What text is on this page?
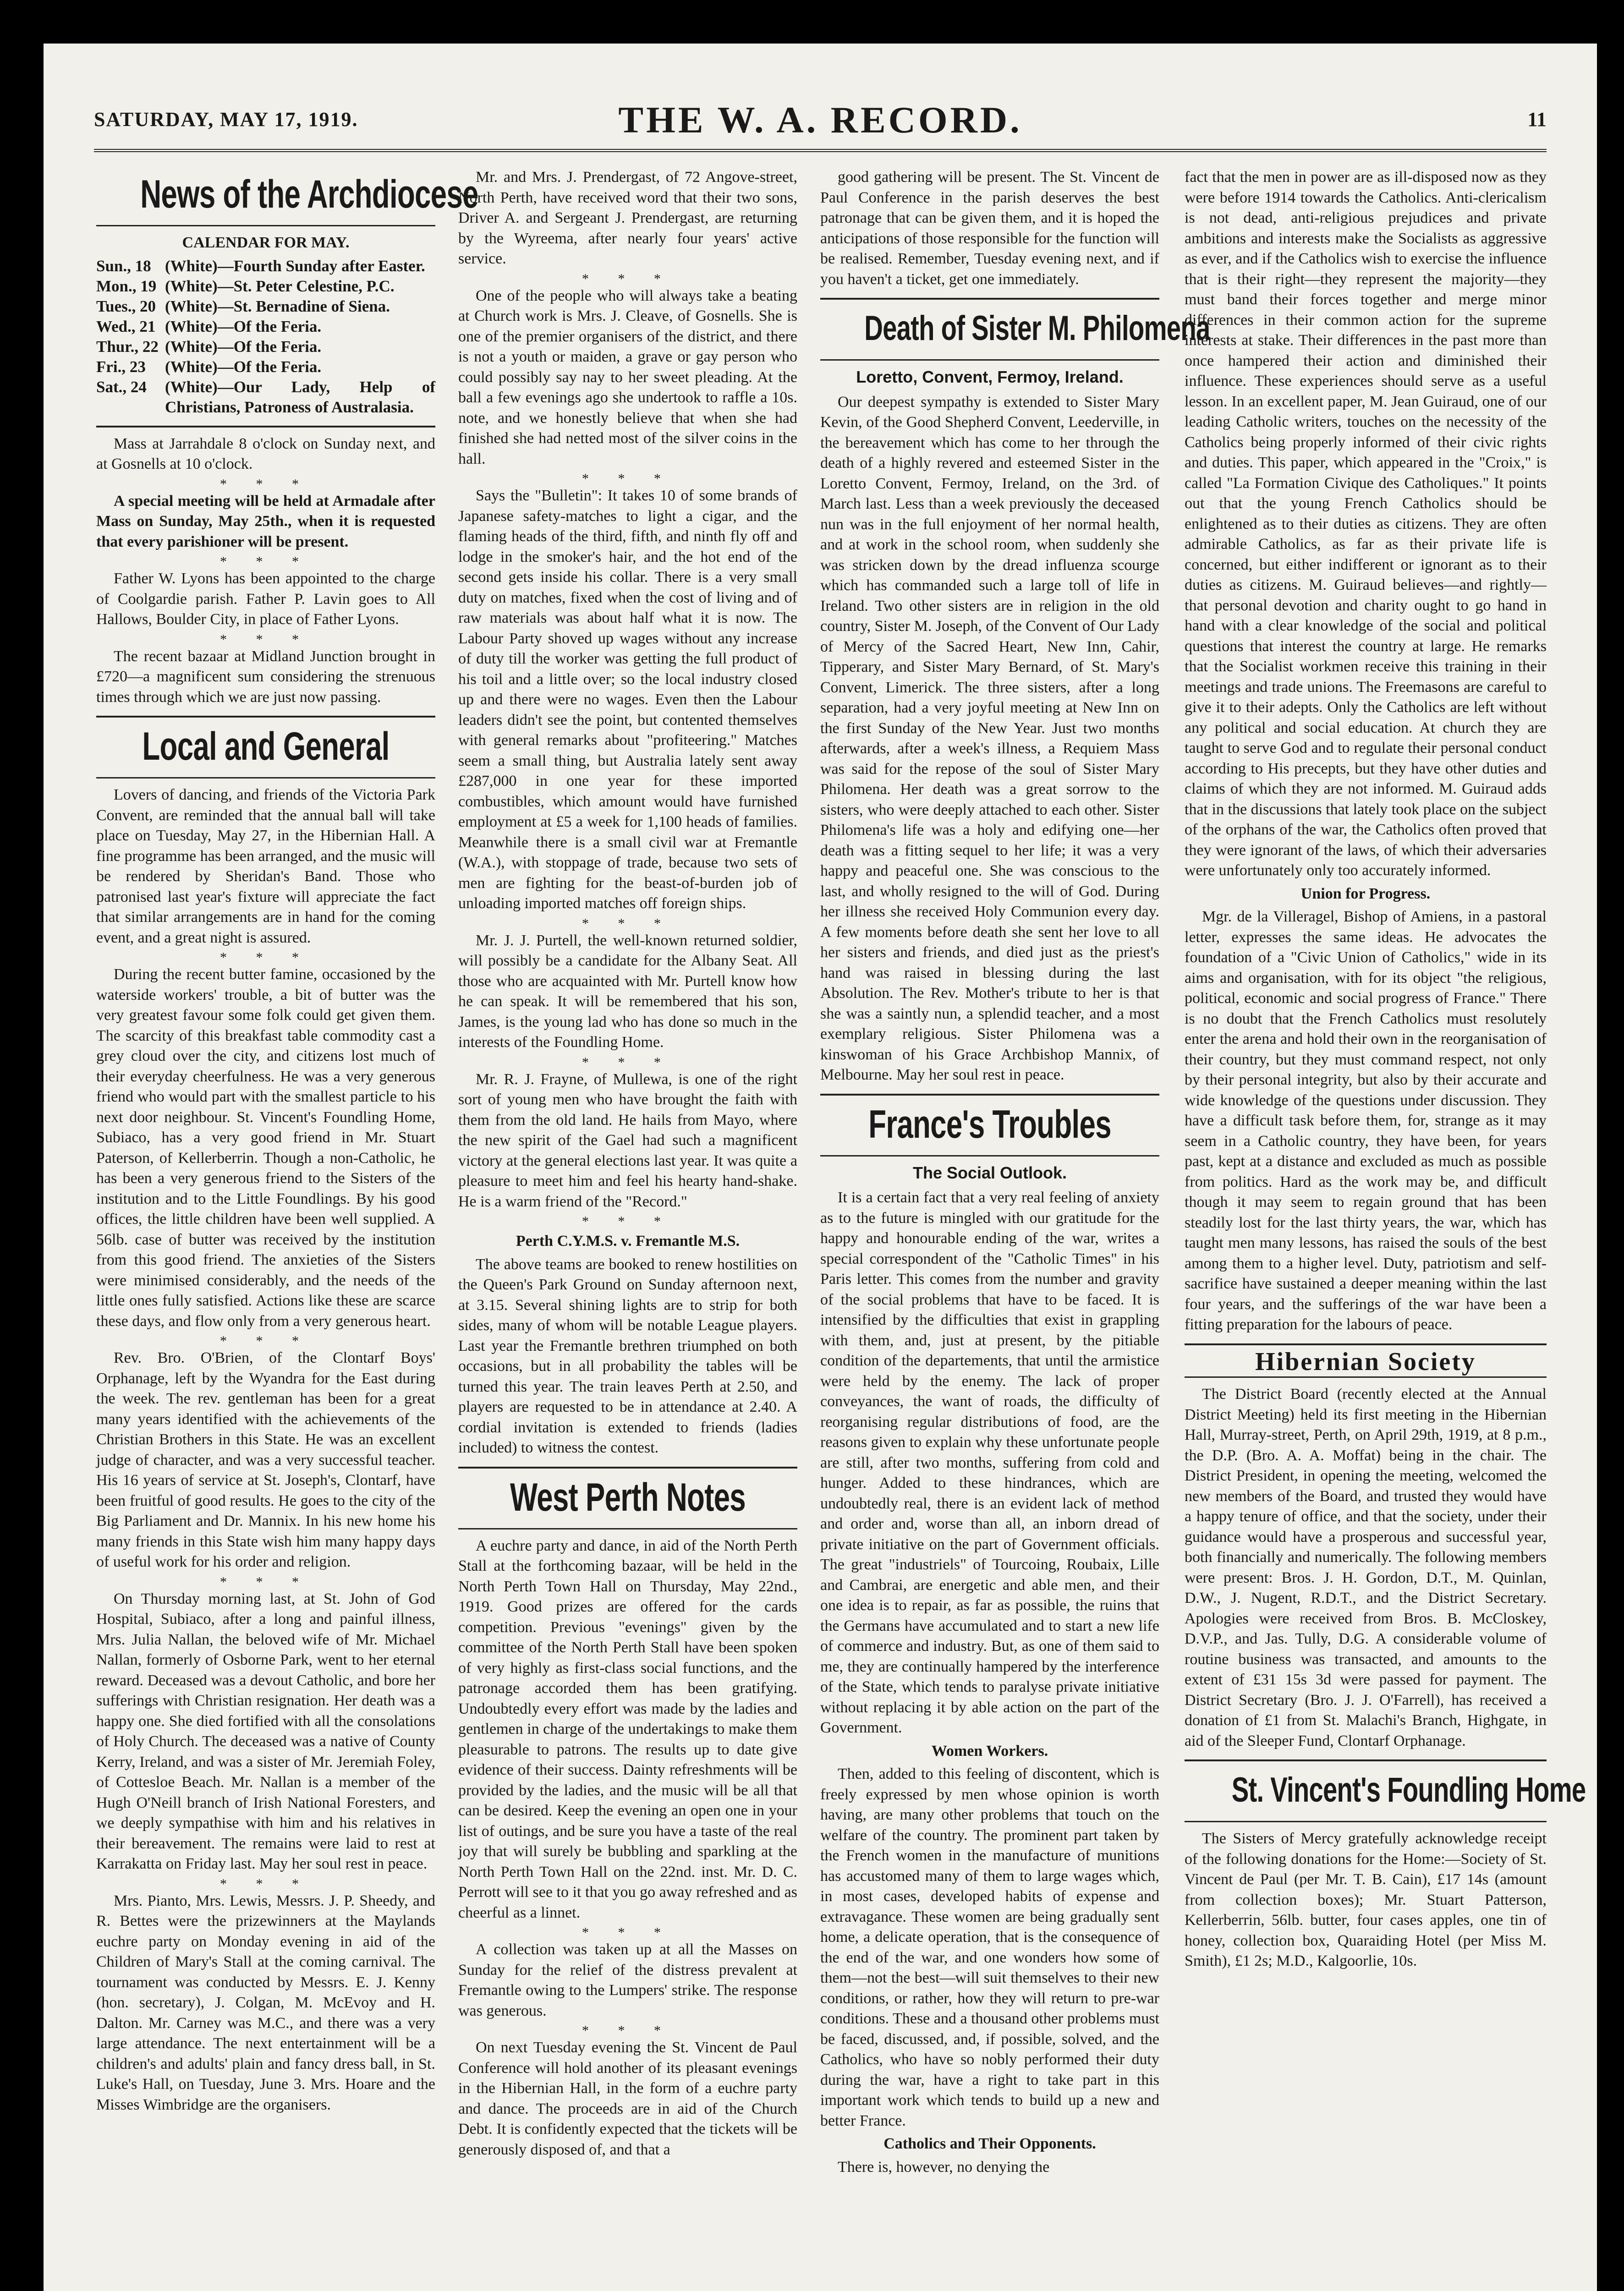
SATURDAY, MAY 17, 1919.	THE W. A. RECORD.	11
News of the Archdiocese
CALENDAR FOR MAY.
Sun., 18 (White)—Fourth Sunday after Easter.
Mon., 19 (White)—St. Peter Celestine, P.C.
Tues., 20 (White)—St. Bernadine of Siena.
Wed., 21 (White)—Of the Feria.
Thur., 22 (White)—Of the Feria.
Fri., 23	(White)—Of the Feria.
Sat., 24	(White)—Our Lady, Help of Christians, Patroness of Australasia.

Mass at Jarrahdale 8 o'clock on Sunday next, and at Gosnells at 10 o'clock.

* * *

A special meeting will be held at Armadale after Mass on Sunday, May 25th., when it is requested that every parishioner will be present.

* * *

Father W. Lyons has been appointed to the charge of Coolgardie parish. Father P. Lavin goes to All Hallows, Boulder City, in place of Father Lyons.

* * *

The recent bazaar at Midland Junction brought in £720—a magnificent sum considering the strenuous times through which we are just now passing.

Local and General

Lovers of dancing, and friends of the Victoria Park Convent, are reminded that the annual ball will take place on Tuesday, May 27, in the Hibernian Hall. A fine programme has been arranged, and the music will be rendered by Sheridan's Band. Those who patronised last year's fixture will appreciate the fact that similar arrangements are in hand for the coming event, and a great night is assured.

* * *

During the recent butter famine, occasioned by the waterside workers' trouble, a bit of butter was the very greatest favour some folk could get given them. The scarcity of this breakfast table commodity cast a grey cloud over the city, and citizens lost much of their everyday cheerfulness. He was a very generous friend who would part with the smallest particle to his next door neighbour. St. Vincent's Foundling Home, Subiaco, has a very good friend in Mr. Stuart Paterson, of Kellerberrin. Though a non-Catholic, he has been a very generous friend to the Sisters of the institution and to the Little Foundlings. By his good offices, the little children have been well supplied. A 56lb. case of butter was received by the institution from this good friend. The anxieties of the Sisters were minimised considerably, and the needs of the little ones fully satisfied. Actions like these are scarce these days, and flow only from a very generous heart.

* * *

Rev. Bro. O'Brien, of the Clontarf Boys' Orphanage, left by the Wyandra for the East during the week. The rev. gentleman has been for a great many years identified with the achievements of the Christian Brothers in this State. He was an excellent judge of character, and was a very successful teacher. His 16 years of service at St. Joseph's, Clontarf, have been fruitful of good results. He goes to the city of the Big Parliament and Dr. Mannix. In his new home his many friends in this State wish him many happy days of useful work for his order and religion.

* * *

On Thursday morning last, at St. John of God Hospital, Subiaco, after a long and painful illness, Mrs. Julia Nallan, the beloved wife of Mr. Michael Nallan, formerly of Osborne Park, went to her eternal reward. Deceased was a devout Catholic, and bore her sufferings with Christian resignation. Her death was a happy one. She died fortified with all the consolations of Holy Church. The deceased was a native of County Kerry, Ireland, and was a sister of Mr. Jeremiah Foley, of Cottesloe Beach. Mr. Nallan is a member of the Hugh O'Neill branch of Irish National Foresters, and we deeply sympathise with him and his relatives in their bereavement. The remains were laid to rest at Karrakatta on Friday last. May her soul rest in peace.

* * *

Mrs. Pianto, Mrs. Lewis, Messrs. J. P. Sheedy, and R. Bettes were the prizewinners at the Maylands euchre party on Monday evening in aid of the Children of Mary's Stall at the coming carnival. The tournament was conducted by Messrs. E. J. Kenny (hon. secretary), J. Colgan, M. McEvoy and H. Dalton. Mr. Carney was M.C., and there was a very large attendance. The next entertainment will be a children's and adults' plain and fancy dress ball, in St. Luke's Hall, on Tuesday, June 3. Mrs. Hoare and the Misses Wimbridge are the organisers.

Mr. and Mrs. J. Prendergast, of 72 Angove-street, North Perth, have received word that their two sons, Driver A. and Sergeant J. Prendergast, are returning by the Wyreema, after nearly four years' active service.

* * *

One of the people who will always take a beating at Church work is Mrs. J. Cleave, of Gosnells. She is one of the premier organisers of the district, and there is not a youth or maiden, a grave or gay person who could possibly say nay to her sweet pleading. At the ball a few evenings ago she undertook to raffle a 10s. note, and we honestly believe that when she had finished she had netted most of the silver coins in the hall.

* * *

Says the "Bulletin": It takes 10 of some brands of Japanese safety-matches to light a cigar, and the flaming heads of the third, fifth, and ninth fly off and lodge in the smoker's hair, and the hot end of the second gets inside his collar. There is a very small duty on matches, fixed when the cost of living and of raw materials was about half what it is now. The Labour Party shoved up wages without any increase of duty till the worker was getting the full product of his toil and a little over; so the local industry closed up and there were no wages. Even then the Labour leaders didn't see the point, but contented themselves with general remarks about "profiteering." Matches seem a small thing, but Australia lately sent away £287,000 in one year for these imported combustibles, which amount would have furnished employment at £5 a week for 1,100 heads of families. Meanwhile there is a small civil war at Fremantle (W.A.), with stoppage of trade, because two sets of men are fighting for the beast-of-burden job of unloading imported matches off foreign ships.

* * *

Mr. J. J. Purtell, the well-known returned soldier, will possibly be a candidate for the Albany Seat. All those who are acquainted with Mr. Purtell know how he can speak. It will be remembered that his son, James, is the young lad who has done so much in the interests of the Foundling Home.

* * *

Mr. R. J. Frayne, of Mullewa, is one of the right sort of young men who have brought the faith with them from the old land. He hails from Mayo, where the new spirit of the Gael had such a magnificent victory at the general elections last year. It was quite a pleasure to meet him and feel his hearty hand-shake. He is a warm friend of the "Record."

* * *
Perth C.Y.M.S. v. Fremantle M.S.

The above teams are booked to renew hostilities on the Queen's Park Ground on Sunday afternoon next, at 3.15. Several shining lights are to strip for both sides, many of whom will be notable League players. Last year the Fremantle brethren triumphed on both occasions, but in all probability the tables will be turned this year. The train leaves Perth at 2.50, and players are requested to be in attendance at 2.40. A cordial invitation is extended to friends (ladies included) to witness the contest.

West Perth Notes

A euchre party and dance, in aid of the North Perth Stall at the forthcoming bazaar, will be held in the North Perth Town Hall on Thursday, May 22nd., 1919. Good prizes are offered for the cards competition. Previous "evenings" given by the committee of the North Perth Stall have been spoken of very highly as first-class social functions, and the patronage accorded them has been gratifying. Undoubtedly every effort was made by the ladies and gentlemen in charge of the undertakings to make them pleasurable to patrons. The results up to date give evidence of their success. Dainty refreshments will be provided by the ladies, and the music will be all that can be desired. Keep the evening an open one in your list of outings, and be sure you have a taste of the real joy that will surely be bubbling and sparkling at the North Perth Town Hall on the 22nd. inst. Mr. D. C. Perrott will see to it that you go away refreshed and as cheerful as a linnet.

* * *

A collection was taken up at all the Masses on Sunday for the relief of the distress prevalent at Fremantle owing to the Lumpers' strike. The response was generous.

* * *

On next Tuesday evening the St. Vincent de Paul Conference will hold another of its pleasant evenings in the Hibernian Hall, in the form of a euchre party and dance. The proceeds are in aid of the Church Debt. It is confidently expected that the tickets will be generously disposed of, and that a

good gathering will be present. The St. Vincent de Paul Conference in the parish deserves the best patronage that can be given them, and it is hoped the anticipations of those responsible for the function will be realised. Remember, Tuesday evening next, and if you haven't a ticket, get one immediately.

Death of Sister M. Philomena
Loretto, Convent, Fermoy, Ireland.

Our deepest sympathy is extended to Sister Mary Kevin, of the Good Shepherd Convent, Leederville, in the bereavement which has come to her through the death of a highly revered and esteemed Sister in the Loretto Convent, Fermoy, Ireland, on the 3rd. of March last. Less than a week previously the deceased nun was in the full enjoyment of her normal health, and at work in the school room, when suddenly she was stricken down by the dread influenza scourge which has commanded such a large toll of life in Ireland. Two other sisters are in religion in the old country, Sister M. Joseph, of the Convent of Our Lady of Mercy of the Sacred Heart, New Inn, Cahir, Tipperary, and Sister Mary Bernard, of St. Mary's Convent, Limerick. The three sisters, after a long separation, had a very joyful meeting at New Inn on the first Sunday of the New Year. Just two months afterwards, after a week's illness, a Requiem Mass was said for the repose of the soul of Sister Mary Philomena. Her death was a great sorrow to the sisters, who were deeply attached to each other. Sister Philomena's life was a holy and edifying one—her death was a fitting sequel to her life; it was a very happy and peaceful one. She was conscious to the last, and wholly resigned to the will of God. During her illness she received Holy Communion every day. A few moments before death she sent her love to all her sisters and friends, and died just as the priest's hand was raised in blessing during the last Absolution. The Rev. Mother's tribute to her is that she was a saintly nun, a splendid teacher, and a most exemplary religious. Sister Philomena was a kinswoman of his Grace Archbishop Mannix, of Melbourne. May her soul rest in peace.

France's Troubles
The Social Outlook.

It is a certain fact that a very real feeling of anxiety as to the future is mingled with our gratitude for the happy and honourable ending of the war, writes a special correspondent of the "Catholic Times" in his Paris letter. This comes from the number and gravity of the social problems that have to be faced. It is intensified by the difficulties that exist in grappling with them, and, just at present, by the pitiable condition of the departements, that until the armistice were held by the enemy. The lack of proper conveyances, the want of roads, the difficulty of reorganising regular distributions of food, are the reasons given to explain why these unfortunate people are still, after two months, suffering from cold and hunger. Added to these hindrances, which are undoubtedly real, there is an evident lack of method and order and, worse than all, an inborn dread of private initiative on the part of Government officials. The great "industriels" of Tourcoing, Roubaix, Lille and Cambrai, are energetic and able men, and their one idea is to repair, as far as possible, the ruins that the Germans have accumulated and to start a new life of commerce and industry. But, as one of them said to me, they are continually hampered by the interference of the State, which tends to paralyse private initiative without replacing it by able action on the part of the Government.

Women Workers.

Then, added to this feeling of discontent, which is freely expressed by men whose opinion is worth having, are many other problems that touch on the welfare of the country. The prominent part taken by the French women in the manufacture of munitions has accustomed many of them to large wages which, in most cases, developed habits of expense and extravagance. These women are being gradually sent home, a delicate operation, that is the consequence of the end of the war, and one wonders how some of them—not the best—will suit themselves to their new conditions, or rather, how they will return to pre-war conditions. These and a thousand other problems must be faced, discussed, and, if possible, solved, and the Catholics, who have so nobly performed their duty during the war, have a right to take part in this important work which tends to build up a new and better France.

Catholics and Their Opponents.

There is, however, no denying the

fact that the men in power are as ill-disposed now as they were before 1914 towards the Catholics. Anti-clericalism is not dead, anti-religious prejudices and private ambitions and interests make the Socialists as aggressive as ever, and if the Catholics wish to exercise the influence that is their right—they represent the majority—they must band their forces together and merge minor differences in their common action for the supreme interests at stake. Their differences in the past more than once hampered their action and diminished their influence. These experiences should serve as a useful lesson. In an excellent paper, M. Jean Guiraud, one of our leading Catholic writers, touches on the necessity of the Catholics being properly informed of their civic rights and duties. This paper, which appeared in the "Croix," is called "La Formation Civique des Catholiques." It points out that the young French Catholics should be enlightened as to their duties as citizens. They are often admirable Catholics, as far as their private life is concerned, but either indifferent or ignorant as to their duties as citizens. M. Guiraud believes—and rightly—that personal devotion and charity ought to go hand in hand with a clear knowledge of the social and political questions that interest the country at large. He remarks that the Socialist workmen receive this training in their meetings and trade unions. The Freemasons are careful to give it to their adepts. Only the Catholics are left without any political and social education. At church they are taught to serve God and to regulate their personal conduct according to His precepts, but they have other duties and claims of which they are not informed. M. Guiraud adds that in the discussions that lately took place on the subject of the orphans of the war, the Catholics often proved that they were ignorant of the laws, of which their adversaries were unfortunately only too accurately informed.

Union for Progress.

Mgr. de la Villeragel, Bishop of Amiens, in a pastoral letter, expresses the same ideas. He advocates the foundation of a "Civic Union of Catholics," wide in its aims and organisation, with for its object "the religious, political, economic and social progress of France." There is no doubt that the French Catholics must resolutely enter the arena and hold their own in the reorganisation of their country, but they must command respect, not only by their personal integrity, but also by their accurate and wide knowledge of the questions under discussion. They have a difficult task before them, for, strange as it may seem in a Catholic country, they have been, for years past, kept at a distance and excluded as much as possible from politics. Hard as the work may be, and difficult though it may seem to regain ground that has been steadily lost for the last thirty years, the war, which has taught men many lessons, has raised the souls of the best among them to a higher level. Duty, patriotism and self-sacrifice have sustained a deeper meaning within the last four years, and the sufferings of the war have been a fitting preparation for the labours of peace.

Hibernian Society

The District Board (recently elected at the Annual District Meeting) held its first meeting in the Hibernian Hall, Murray-street, Perth, on April 29th, 1919, at 8 p.m., the D.P. (Bro. A. A. Moffat) being in the chair. The District President, in opening the meeting, welcomed the new members of the Board, and trusted they would have a happy tenure of office, and that the society, under their guidance would have a prosperous and successful year, both financially and numerically. The following members were present: Bros. J. H. Gordon, D.T., M. Quinlan, D.W., J. Nugent, R.D.T., and the District Secretary. Apologies were received from Bros. B. McCloskey, D.V.P., and Jas. Tully, D.G. A considerable volume of routine business was transacted, and amounts to the extent of £31 15s 3d were passed for payment. The District Secretary (Bro. J. J. O'Farrell), has received a donation of £1 from St. Malachi's Branch, Highgate, in aid of the Sleeper Fund, Clontarf Orphanage.

St. Vincent's Foundling Home

The Sisters of Mercy gratefully acknowledge receipt of the following donations for the Home:—Society of St. Vincent de Paul (per Mr. T. B. Cain), £17 14s (amount from collection boxes); Mr. Stuart Patterson, Kellerberrin, 56lb. butter, four cases apples, one tin of honey, collection box, Quaraiding Hotel (per Miss M. Smith), £1 2s; M.D., Kalgoorlie, 10s.
